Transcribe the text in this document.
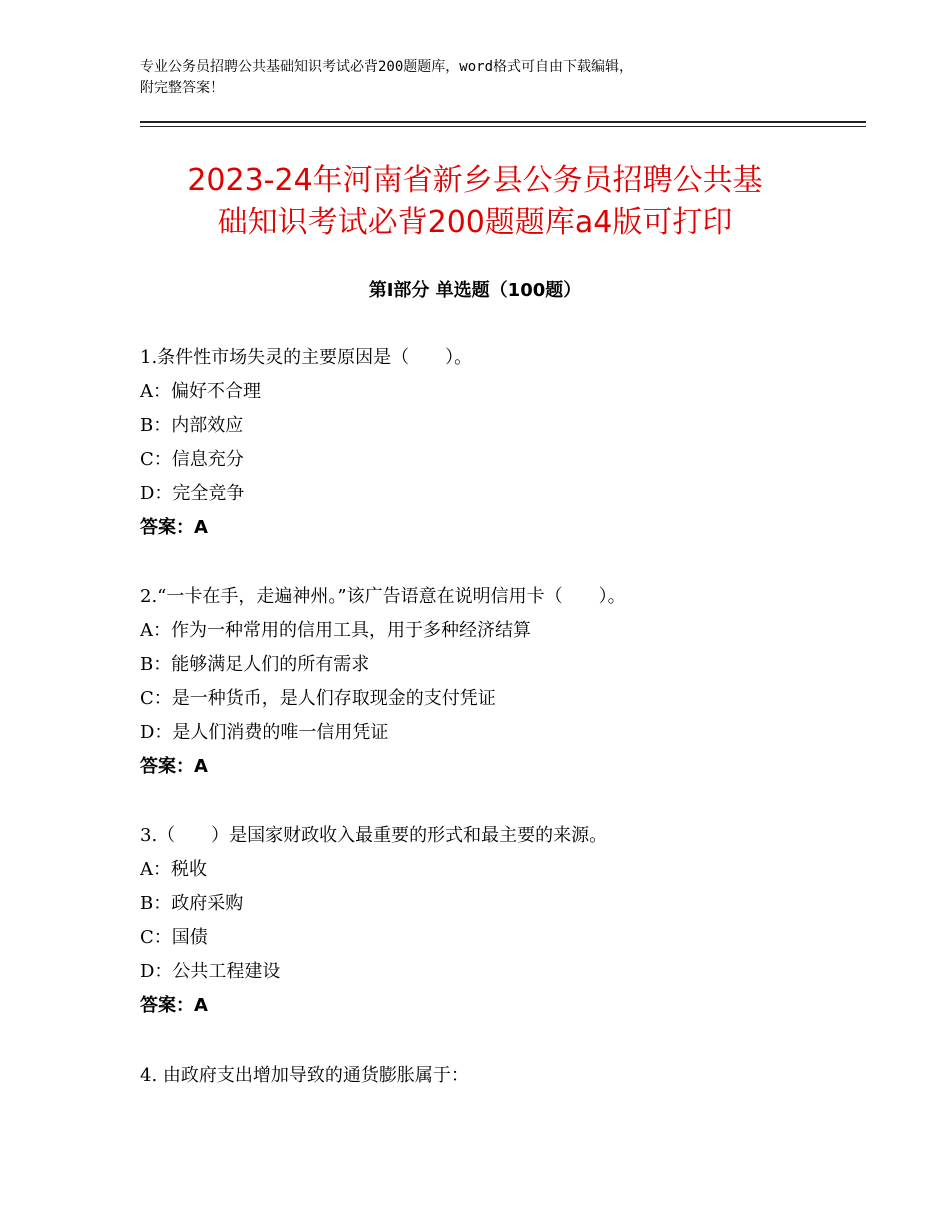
专业公务员招聘公共基础知识考试必背200题题库，word格式可自由下载编辑，
附完整答案！
2023-24年河南省新乡县公务员招聘公共基
础知识考试必背200题题库a4版可打印
第Ⅰ部分 单选题（100题）
1.条件性市场失灵的主要原因是（　　）。
A：偏好不合理
B：内部效应
C：信息充分
D：完全竞争
答案：A
2.“一卡在手，走遍神州。”该广告语意在说明信用卡（　　）。
A：作为一种常用的信用工具，用于多种经济结算
B：能够满足人们的所有需求
C：是一种货币，是人们存取现金的支付凭证
D：是人们消费的唯一信用凭证
答案：A
3.（　　）是国家财政收入最重要的形式和最主要的来源。
A：税收
B：政府采购
C：国债
D：公共工程建设
答案：A
4. 由政府支出增加导致的通货膨胀属于：
